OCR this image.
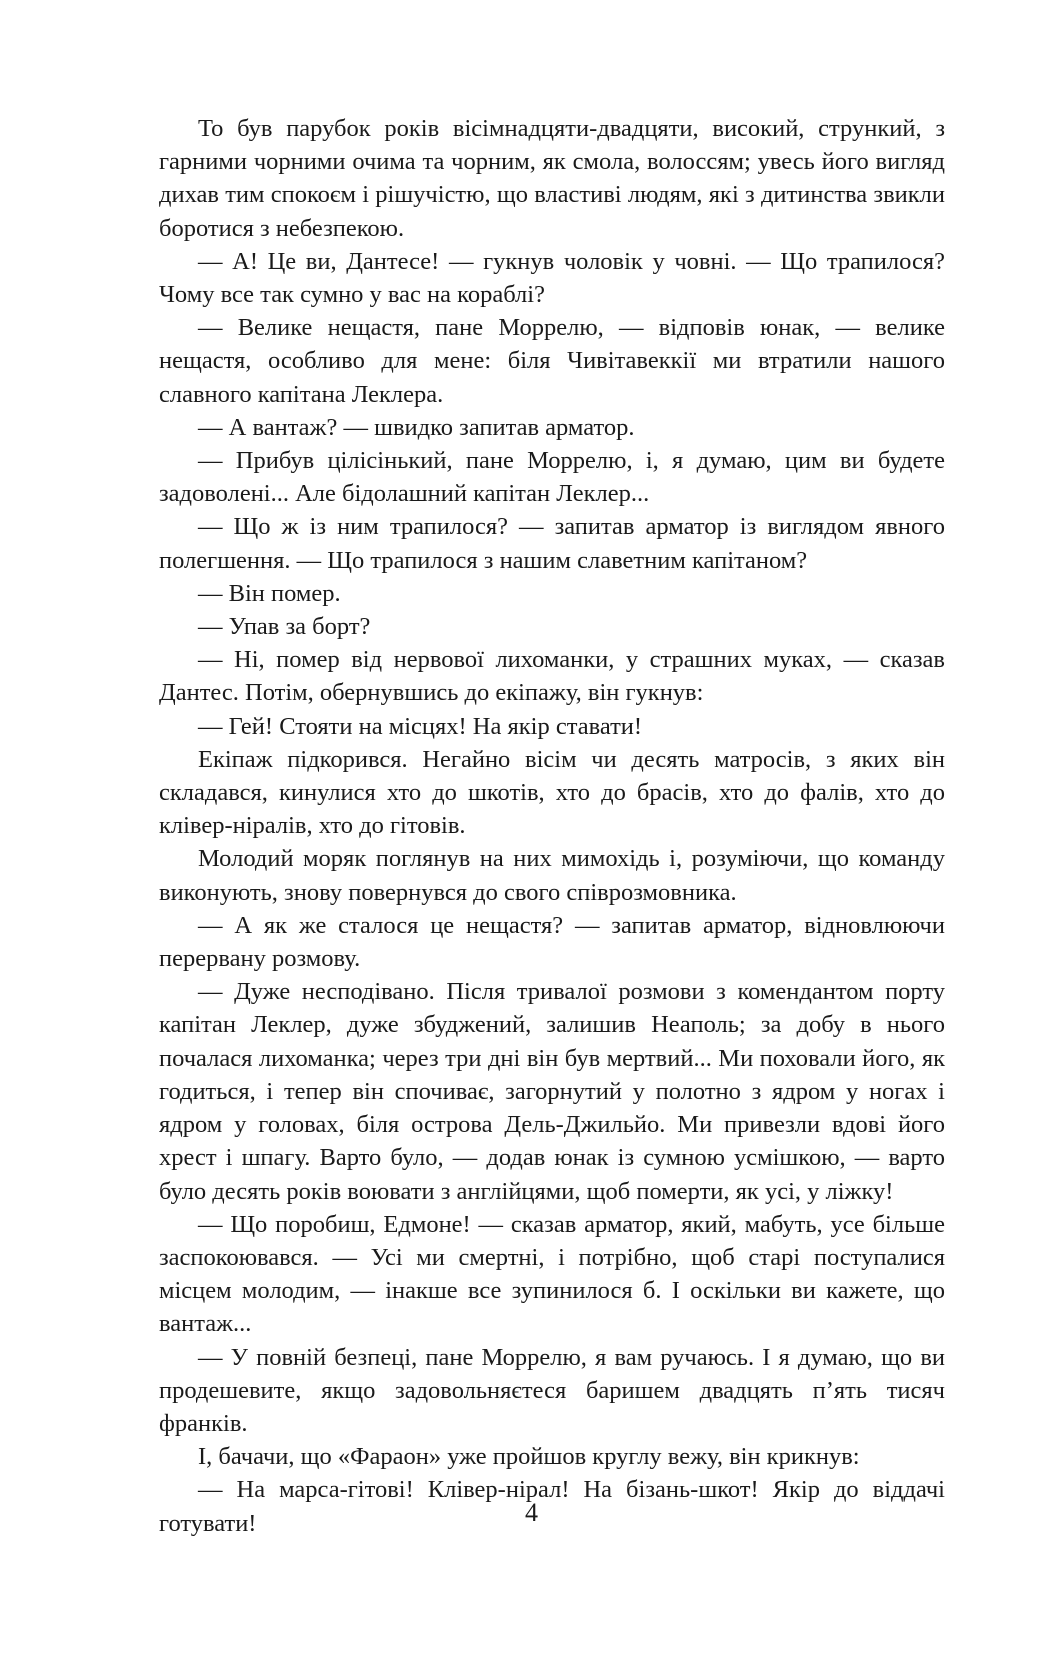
То був парубок років вісімнадцяти-двадцяти, високий, стрункий, з гарними чорними очима та чорним, як смола, волоссям; увесь його вигляд дихав тим спокоєм і рішучістю, що властиві людям, які з дитинства звикли боротися з небезпекою.

— А! Це ви, Дантесе! — гукнув чоловік у човні. — Що трапилося? Чому все так сумно у вас на кораблі?

— Велике нещастя, пане Моррелю, — відповів юнак, — велике нещастя, особливо для мене: біля Чивітавеккії ми втратили нашого славного капітана Леклера.

— А вантаж? — швидко запитав арматор.

— Прибув цілісінький, пане Моррелю, і, я думаю, цим ви будете задоволені... Але бідолашний капітан Леклер...

— Що ж із ним трапилося? — запитав арматор із виглядом явного полегшення. — Що трапилося з нашим славетним капітаном?

— Він помер.

— Упав за борт?

— Ні, помер від нервової лихоманки, у страшних муках, — сказав Дантес. Потім, обернувшись до екіпажу, він гукнув:

— Гей! Стояти на місцях! На якір ставати!

Екіпаж підкорився. Негайно вісім чи десять матросів, з яких він складався, кинулися хто до шкотів, хто до брасів, хто до фалів, хто до клівер-ніралів, хто до гітовів.

Молодий моряк поглянув на них мимохідь і, розуміючи, що команду виконують, знову повернувся до свого співрозмовника.

— А як же сталося це нещастя? — запитав арматор, відновлюючи перервану розмову.

— Дуже несподівано. Після тривалої розмови з комендантом порту капітан Леклер, дуже збуджений, залишив Неаполь; за добу в нього почалася лихоманка; через три дні він був мертвий... Ми поховали його, як годиться, і тепер він спочиває, загорнутий у полотно з ядром у ногах і ядром у головах, біля острова Дель-Джильйо. Ми привезли вдові його хрест і шпагу. Варто було, — додав юнак із сумною усмішкою, — варто було десять років воювати з англійцями, щоб померти, як усі, у ліжку!

— Що поробиш, Едмоне! — сказав арматор, який, мабуть, усе більше заспокоювався. — Усі ми смертні, і потрібно, щоб старі поступалися місцем молодим, — інакше все зупинилося б. І оскільки ви кажете, що вантаж...

— У повній безпеці, пане Моррелю, я вам ручаюсь. І я думаю, що ви продешевите, якщо задовольняєтеся баришем двадцять п’ять тисяч франків.

І, бачачи, що «Фараон» уже пройшов круглу вежу, він крикнув:

— На марса-гітові! Клівер-нірал! На бізань-шкот! Якір до віддачі готувати!	4
